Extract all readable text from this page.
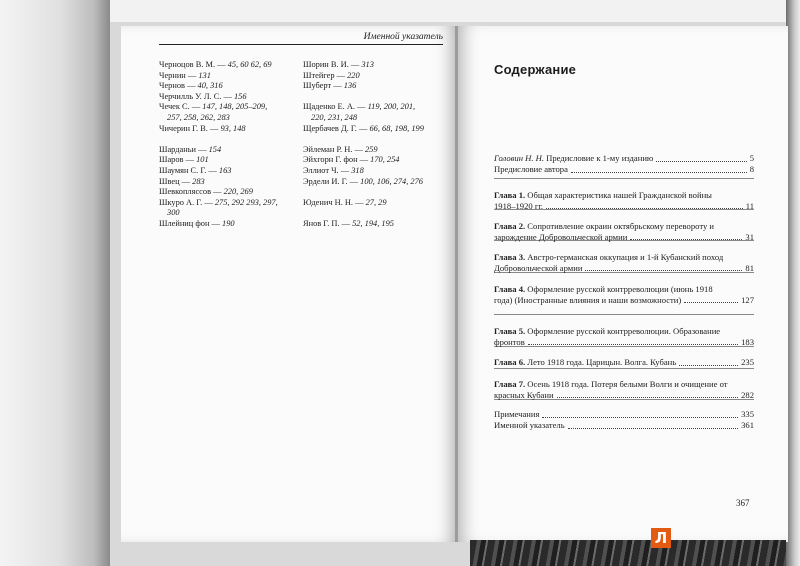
Именной указатель
Черноцов В. М. — 45, 60 62, 69
Чернин — 131
Чернов — 40, 316
Черчилль У. Л. С. — 156
Чечек С. — 147, 148, 205–209,
257, 258, 262, 283
Чичерин Г. В. — 93, 148
Шарданьи — 154
Шаров — 101
Шаумян С. Г. — 163
Швец — 283
Шевкопляссов — 220, 269
Шкуро А. Г. — 275, 292 293, 297,
300
Шлейниц фон — 190
Шорин В. И. — 313
Штейгер — 220
Шуберт — 136
Щаденко Е. А. — 119, 200, 201,
220, 231, 248
Щербачев Д. Г. — 66, 68, 198, 199
Эйлеман Р. Н. — 259
Эйхгорн Г. фон — 170, 254
Эллиот Ч. — 318
Эрдели И. Г. — 100, 106, 274, 276
Юденич Н. Н. — 27, 29
Янов Г. П. — 52, 194, 195
Содержание
367
Головин Н. Н. Предисловие к 1-му изданию	5
Предисловие автора	8
Глава 1. Общая характеристика нашей Гражданской войны 1918–1920 гг.	11
Глава 2. Сопротивление окраин октябрьскому перевороту и зарождение Добровольческой армии	31
Глава 3. Австро-германская оккупация и 1-й Кубанский поход Добровольческой армии	81
Глава 4. Оформление русской контрреволюции (июнь 1918 года) (Иностранные влияния и наши возможности)	127
Глава 5. Оформление русской контрреволюции. Образование фронтов	183
Глава 6. Лето 1918 года. Царицын. Волга. Кубань	235
Глава 7. Осень 1918 года. Потеря белыми Волги и очищение от красных Кубани	282
Примечания	335
Именной указатель	361
Л
